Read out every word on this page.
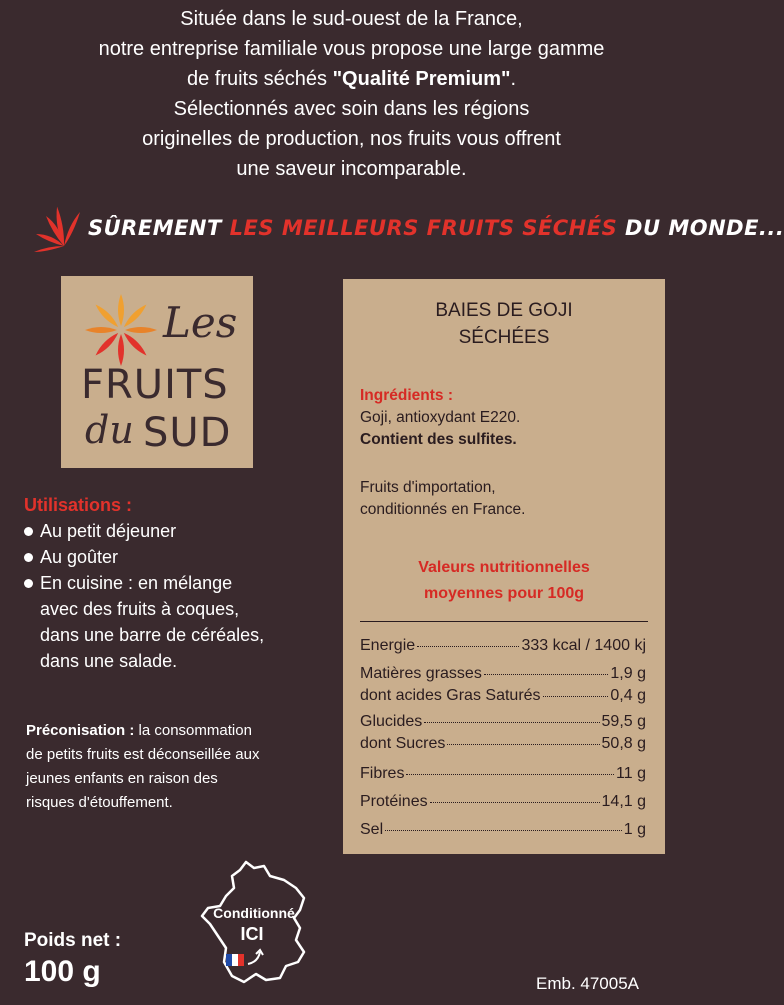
Située dans le sud-ouest de la France,
notre entreprise familiale vous propose une large gamme
de fruits séchés "Qualité Premium".
Sélectionnés avec soin dans les régions
originelles de production, nos fruits vous offrent
une saveur incomparable.
SÛREMENT LES MEILLEURS FRUITS SÉCHÉS DU MONDE...
Les
FRUITS
du SUD
Utilisations :
Au petit déjeuner
Au goûter
En cuisine : en mélange
avec des fruits à coques,
dans une barre de céréales,
dans une salade.
Préconisation : la consommation
de petits fruits est déconseillée aux
jeunes enfants en raison des
risques d'étouffement.
BAIES DE GOJI
SÉCHÉES
Ingrédients :
Goji, antioxydant E220.
Contient des sulfites.
Fruits d'importation,
conditionnés en France.
Valeurs nutritionnelles
moyennes pour 100g
Energie	333 kcal / 1400 kj
Matières grasses	1,9 g
dont acides Gras Saturés	0,4 g
Glucides	59,5 g
dont Sucres	50,8 g
Fibres	11 g
Protéines	14,1 g
Sel	1 g
Conditionné
ICI
Poids net :
100 g	Emb. 47005A
